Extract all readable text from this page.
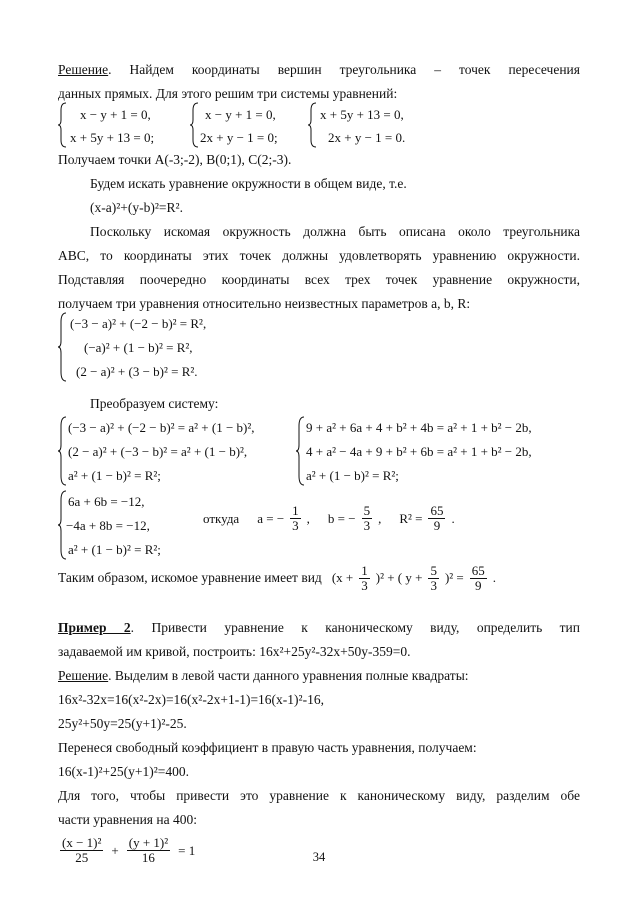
Решение. Найдем координаты вершин треугольника – точек пересечения
данных прямых. Для этого решим три системы уравнений:
x − y + 1 = 0,
x + 5y + 13 = 0;
x − y + 1 = 0,
2x + y − 1 = 0;
x + 5y + 13 = 0,
2x + y − 1 = 0.
Получаем точки A(-3;-2), B(0;1), C(2;-3).
Будем искать уравнение окружности в общем виде, т.е.
(x-a)²+(y-b)²=R².
Поскольку искомая окружность должна быть описана около треугольника
ABC, то координаты этих точек должны удовлетворять уравнению окружности.
Подставляя поочередно координаты всех трех точек уравнение окружности,
получаем три уравнения относительно неизвестных параметров a, b, R:
(−3 − a)² + (−2 − b)² = R²,
(−a)² + (1 − b)² = R²,
(2 − a)² + (3 − b)² = R².
Преобразуем систему:
(−3 − a)² + (−2 − b)² = a² + (1 − b)²,
(2 − a)² + (−3 − b)² = a² + (1 − b)²,
a² + (1 − b)² = R²;
9 + a² + 6a + 4 + b² + 4b = a² + 1 + b² − 2b,
4 + a² − 4a + 9 + b² + 6b = a² + 1 + b² − 2b,
a² + (1 − b)² = R²;
6a + 6b = −12,
−4a + 8b = −12,
a² + (1 − b)² = R²;
откуда a = − $\frac{1}{3}$ , b = − $\frac{5}{3}$ , $R^2 = \frac{65}{9}$ .
Таким образом, искомое уравнение имеет вид $(x + \frac{1}{3} )^2$ + ( $y + \frac{5}{3} )^2 = \frac{65}{9}$ .
Пример 2. Привести уравнение к каноническому виду, определить тип
задаваемой им кривой, построить: 16x²+25y²-32x+50y-359=0.
Решение. Выделим в левой части данного уравнения полные квадраты:
16x²-32x=16(x²-2x)=16(x²-2x+1-1)=16(x-1)²-16,
25y²+50y=25(y+1)²-25.
Перенеся свободный коэффициент в правую часть уравнения, получаем:
16(x-1)²+25(y+1)²=400.
Для того, чтобы привести это уравнение к каноническому виду, разделим обе
части уравнения на 400:
$\frac{\text{(x − 1)²}}{25} + \frac{\text{(y + 1)²}}{16} = 1$	34
